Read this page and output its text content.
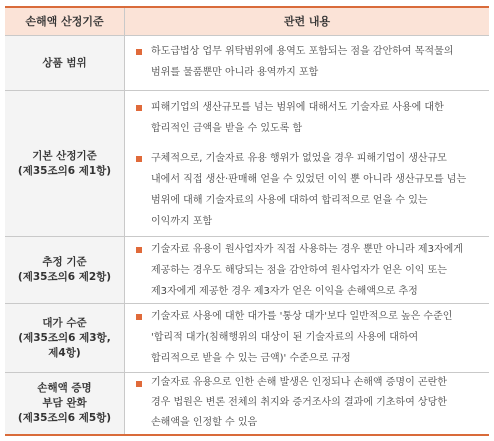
손해액 산정기준	관련 내용
상품 범위
하도급법상 업무 위탁범위에 용역도 포함되는 점을 감안하여 목적물의
범위를 물품뿐만 아니라 용역까지 포함
기본 산정기준
(제35조의6 제1항)
피해기업의 생산규모를 넘는 범위에 대해서도 기술자료 사용에 대한
합리적인 금액을 받을 수 있도록 함
구체적으로, 기술자료 유용 행위가 없었을 경우 피해기업이 생산규모
내에서 직접 생산·판매해 얻을 수 있었던 이익 뿐 아니라 생산규모를 넘는
범위에 대해 기술자료의 사용에 대하여 합리적으로 얻을 수 있는
이익까지 포함
추정 기준
(제35조의6 제2항)
기술자료 유용이 원사업자가 직접 사용하는 경우 뿐만 아니라 제3자에게
제공하는 경우도 해당되는 점을 감안하여 원사업자가 얻은 이익 또는
제3자에게 제공한 경우 제3자가 얻은 이익을 손해액으로 추정
대가 수준
(제35조의6 제3항,
제4항)
기술자료 사용에 대한 대가를 '통상 대가'보다 일반적으로 높은 수준인
'합리적 대가(침해행위의 대상이 된 기술자료의 사용에 대하여
합리적으로 받을 수 있는 금액)' 수준으로 규정
손해액 증명
부담 완화
(제35조의6 제5항)
기술자료 유용으로 인한 손해 발생은 인정되나 손해액 증명이 곤란한
경우 법원은 변론 전체의 취지와 증거조사의 결과에 기초하여 상당한
손해액을 인정할 수 있음
